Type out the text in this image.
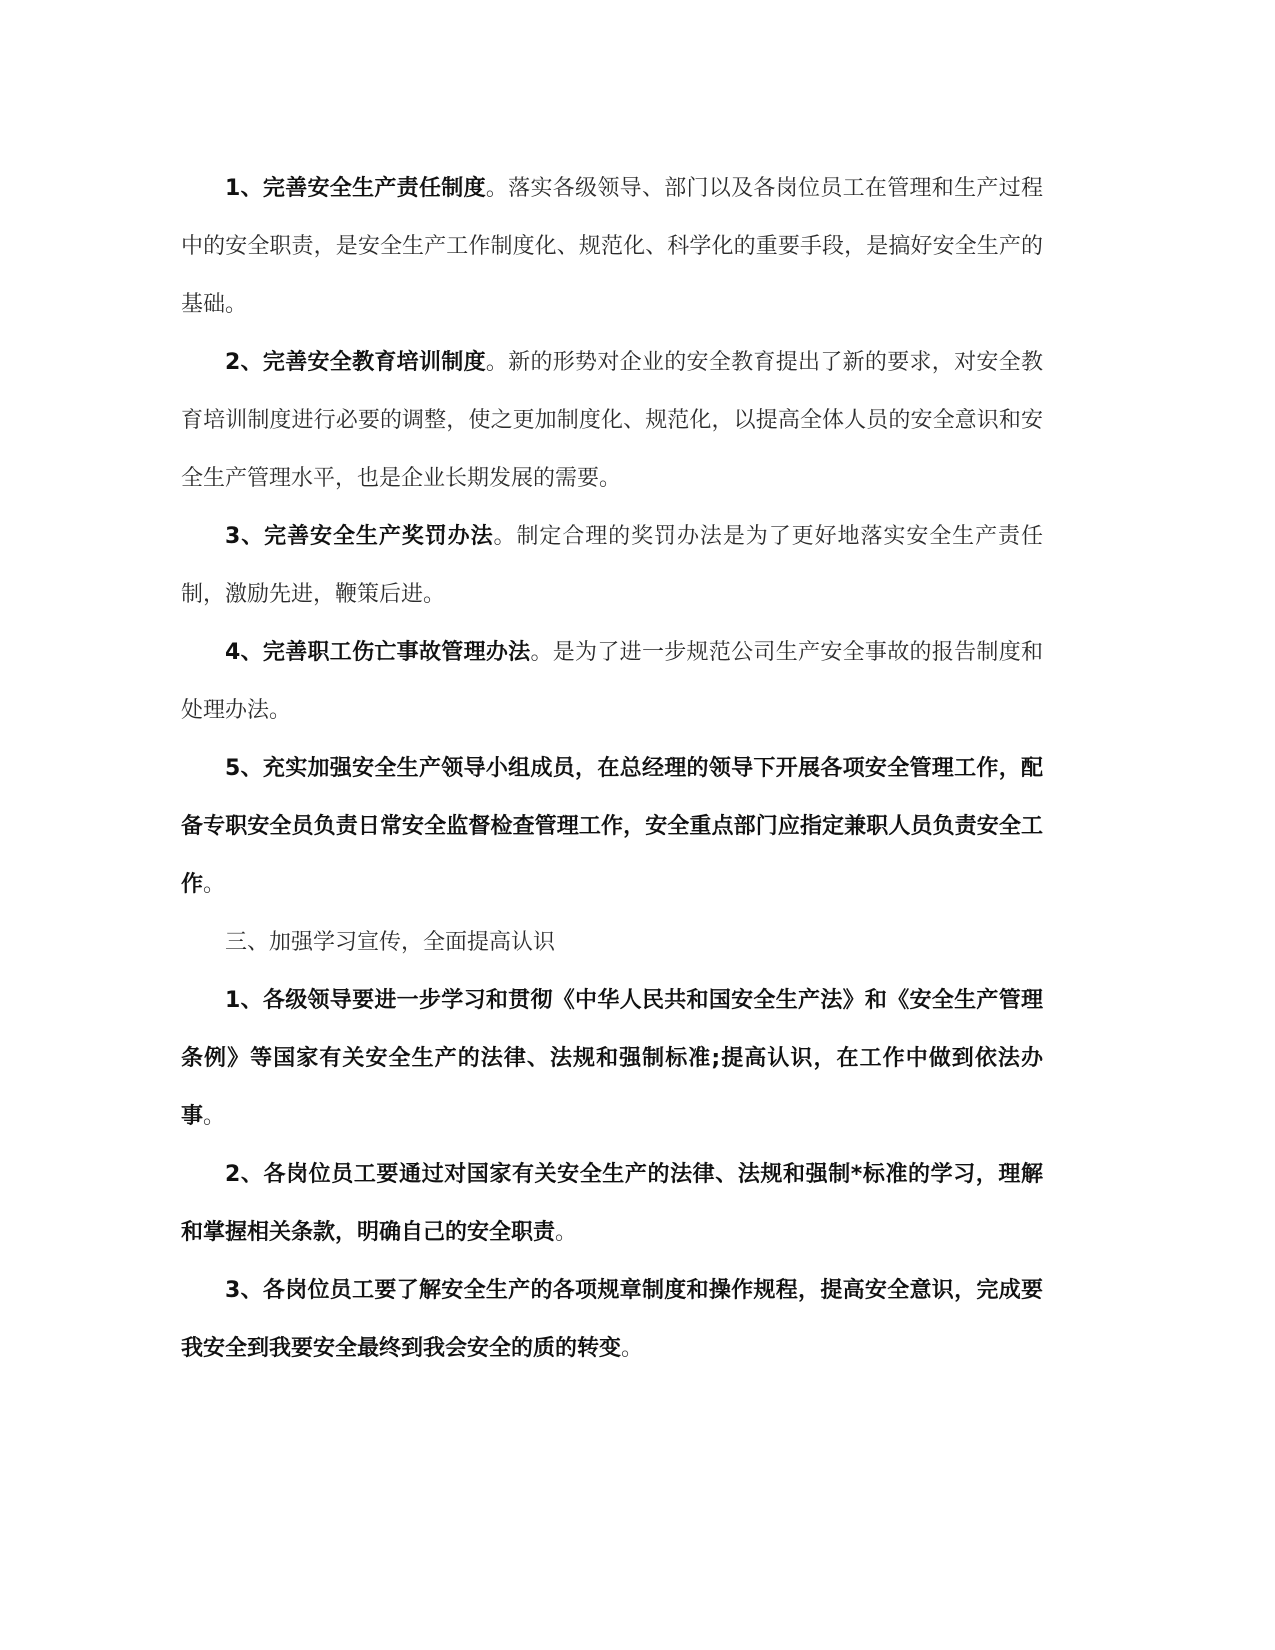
1、完善安全生产责任制度。落实各级领导、部门以及各岗位员工在管理和生产过程中的安全职责，是安全生产工作制度化、规范化、科学化的重要手段，是搞好安全生产的基础。

2、完善安全教育培训制度。新的形势对企业的安全教育提出了新的要求，对安全教育培训制度进行必要的调整，使之更加制度化、规范化，以提高全体人员的安全意识和安全生产管理水平，也是企业长期发展的需要。

3、完善安全生产奖罚办法。制定合理的奖罚办法是为了更好地落实安全生产责任制，激励先进，鞭策后进。

4、完善职工伤亡事故管理办法。是为了进一步规范公司生产安全事故的报告制度和处理办法。

5、充实加强安全生产领导小组成员，在总经理的领导下开展各项安全管理工作，配备专职安全员负责日常安全监督检查管理工作，安全重点部门应指定兼职人员负责安全工作。

三、加强学习宣传，全面提高认识

1、各级领导要进一步学习和贯彻《中华人民共和国安全生产法》和《安全生产管理条例》等国家有关安全生产的法律、法规和强制标准;提高认识，在工作中做到依法办事。

2、各岗位员工要通过对国家有关安全生产的法律、法规和强制*标准的学习，理解和掌握相关条款，明确自己的安全职责。

3、各岗位员工要了解安全生产的各项规章制度和操作规程，提高安全意识，完成要我安全到我要安全最终到我会安全的质的转变。
